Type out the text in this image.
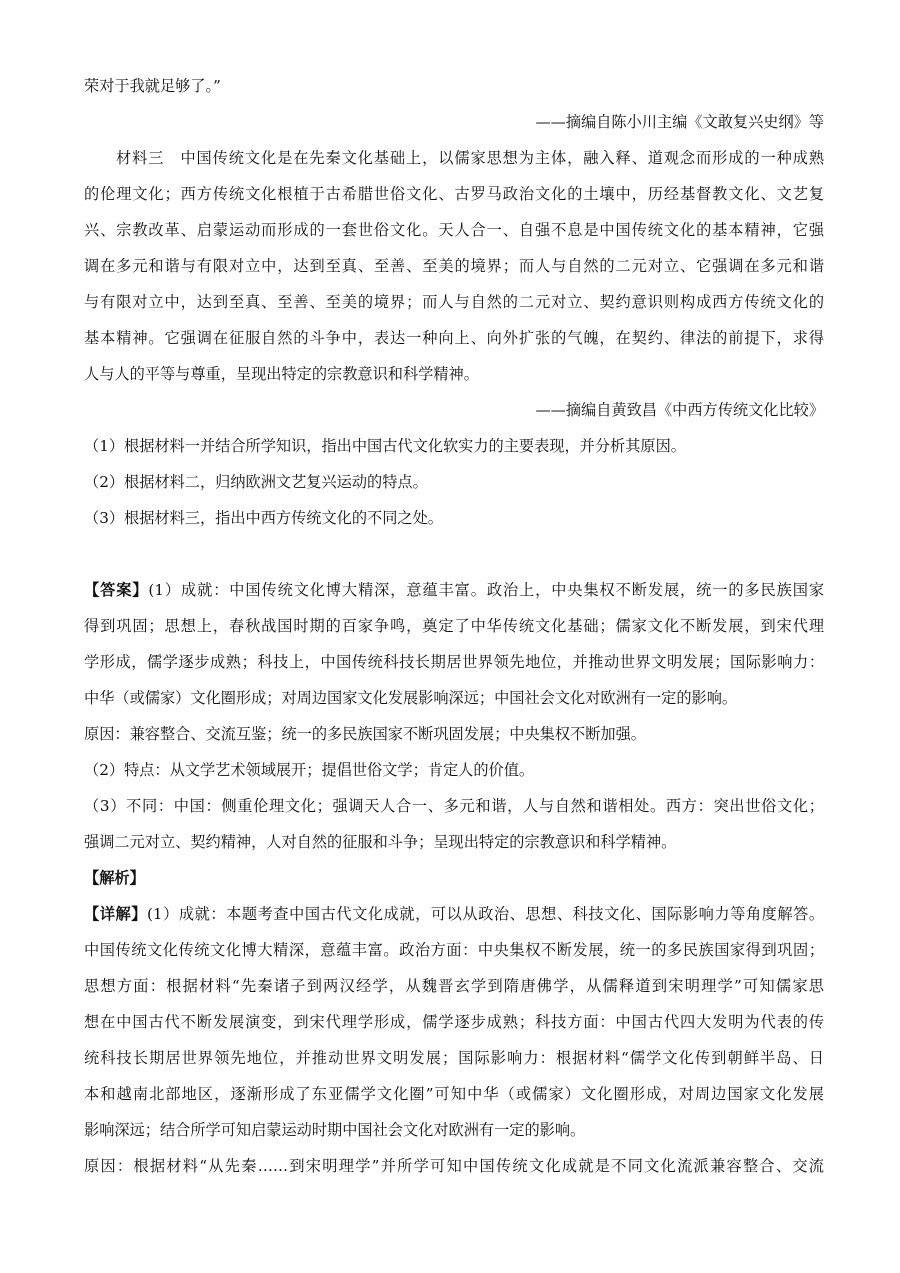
荣对于我就足够了。”
——摘编自陈小川主编《文敢复兴史纲》等
材料三　中国传统文化是在先秦文化基础上，以儒家思想为主体，融入释、道观念而形成的一种成熟
的伦理文化；西方传统文化根植于古希腊世俗文化、古罗马政治文化的土壤中，历经基督教文化、文艺复
兴、宗教改革、启蒙运动而形成的一套世俗文化。天人合一、自强不息是中国传统文化的基本精神，它强
调在多元和谐与有限对立中，达到至真、至善、至美的境界；而人与自然的二元对立、它强调在多元和谐
与有限对立中，达到至真、至善、至美的境界；而人与自然的二元对立、契约意识则构成西方传统文化的
基本精神。它强调在征服自然的斗争中，表达一种向上、向外扩张的气魄，在契约、律法的前提下，求得
人与人的平等与尊重，呈现出特定的宗教意识和科学精神。
——摘编自黄致昌《中西方传统文化比较》
（1）根据材料一并结合所学知识，指出中国古代文化软实力的主要表现，并分析其原因。
（2）根据材料二，归纳欧洲文艺复兴运动的特点。
（3）根据材料三，指出中西方传统文化的不同之处。
【答案】(1）成就：中国传统文化博大精深，意蕴丰富。政治上，中央集权不断发展，统一的多民族国家
得到巩固；思想上，春秋战国时期的百家争鸣，奠定了中华传统文化基础；儒家文化不断发展，到宋代理
学形成，儒学逐步成熟；科技上，中国传统科技长期居世界领先地位，并推动世界文明发展；国际影响力：
中华（或儒家）文化圈形成；对周边国家文化发展影响深远；中国社会文化对欧洲有一定的影响。
原因：兼容整合、交流互鉴；统一的多民族国家不断巩固发展；中央集权不断加强。
（2）特点：从文学艺术领域展开；提倡世俗文学；肯定人的价值。
（3）不同：中国：侧重伦理文化；强调天人合一、多元和谐，人与自然和谐相处。西方：突出世俗文化；
强调二元对立、契约精神，人对自然的征服和斗争；呈现出特定的宗教意识和科学精神。
【解析】
【详解】(1）成就：本题考查中国古代文化成就，可以从政治、思想、科技文化、国际影响力等角度解答。
中国传统文化传统文化博大精深，意蕴丰富。政治方面：中央集权不断发展，统一的多民族国家得到巩固；
思想方面：根据材料“先秦诸子到两汉经学，从魏晋玄学到隋唐佛学，从儒释道到宋明理学”可知儒家思
想在中国古代不断发展演变，到宋代理学形成，儒学逐步成熟；科技方面：中国古代四大发明为代表的传
统科技长期居世界领先地位，并推动世界文明发展；国际影响力：根据材料“儒学文化传到朝鲜半岛、日
本和越南北部地区，逐渐形成了东亚儒学文化圈”可知中华（或儒家）文化圈形成，对周边国家文化发展
影响深远；结合所学可知启蒙运动时期中国社会文化对欧洲有一定的影响。
原因：根据材料“从先秦……到宋明理学”并所学可知中国传统文化成就是不同文化流派兼容整合、交流
